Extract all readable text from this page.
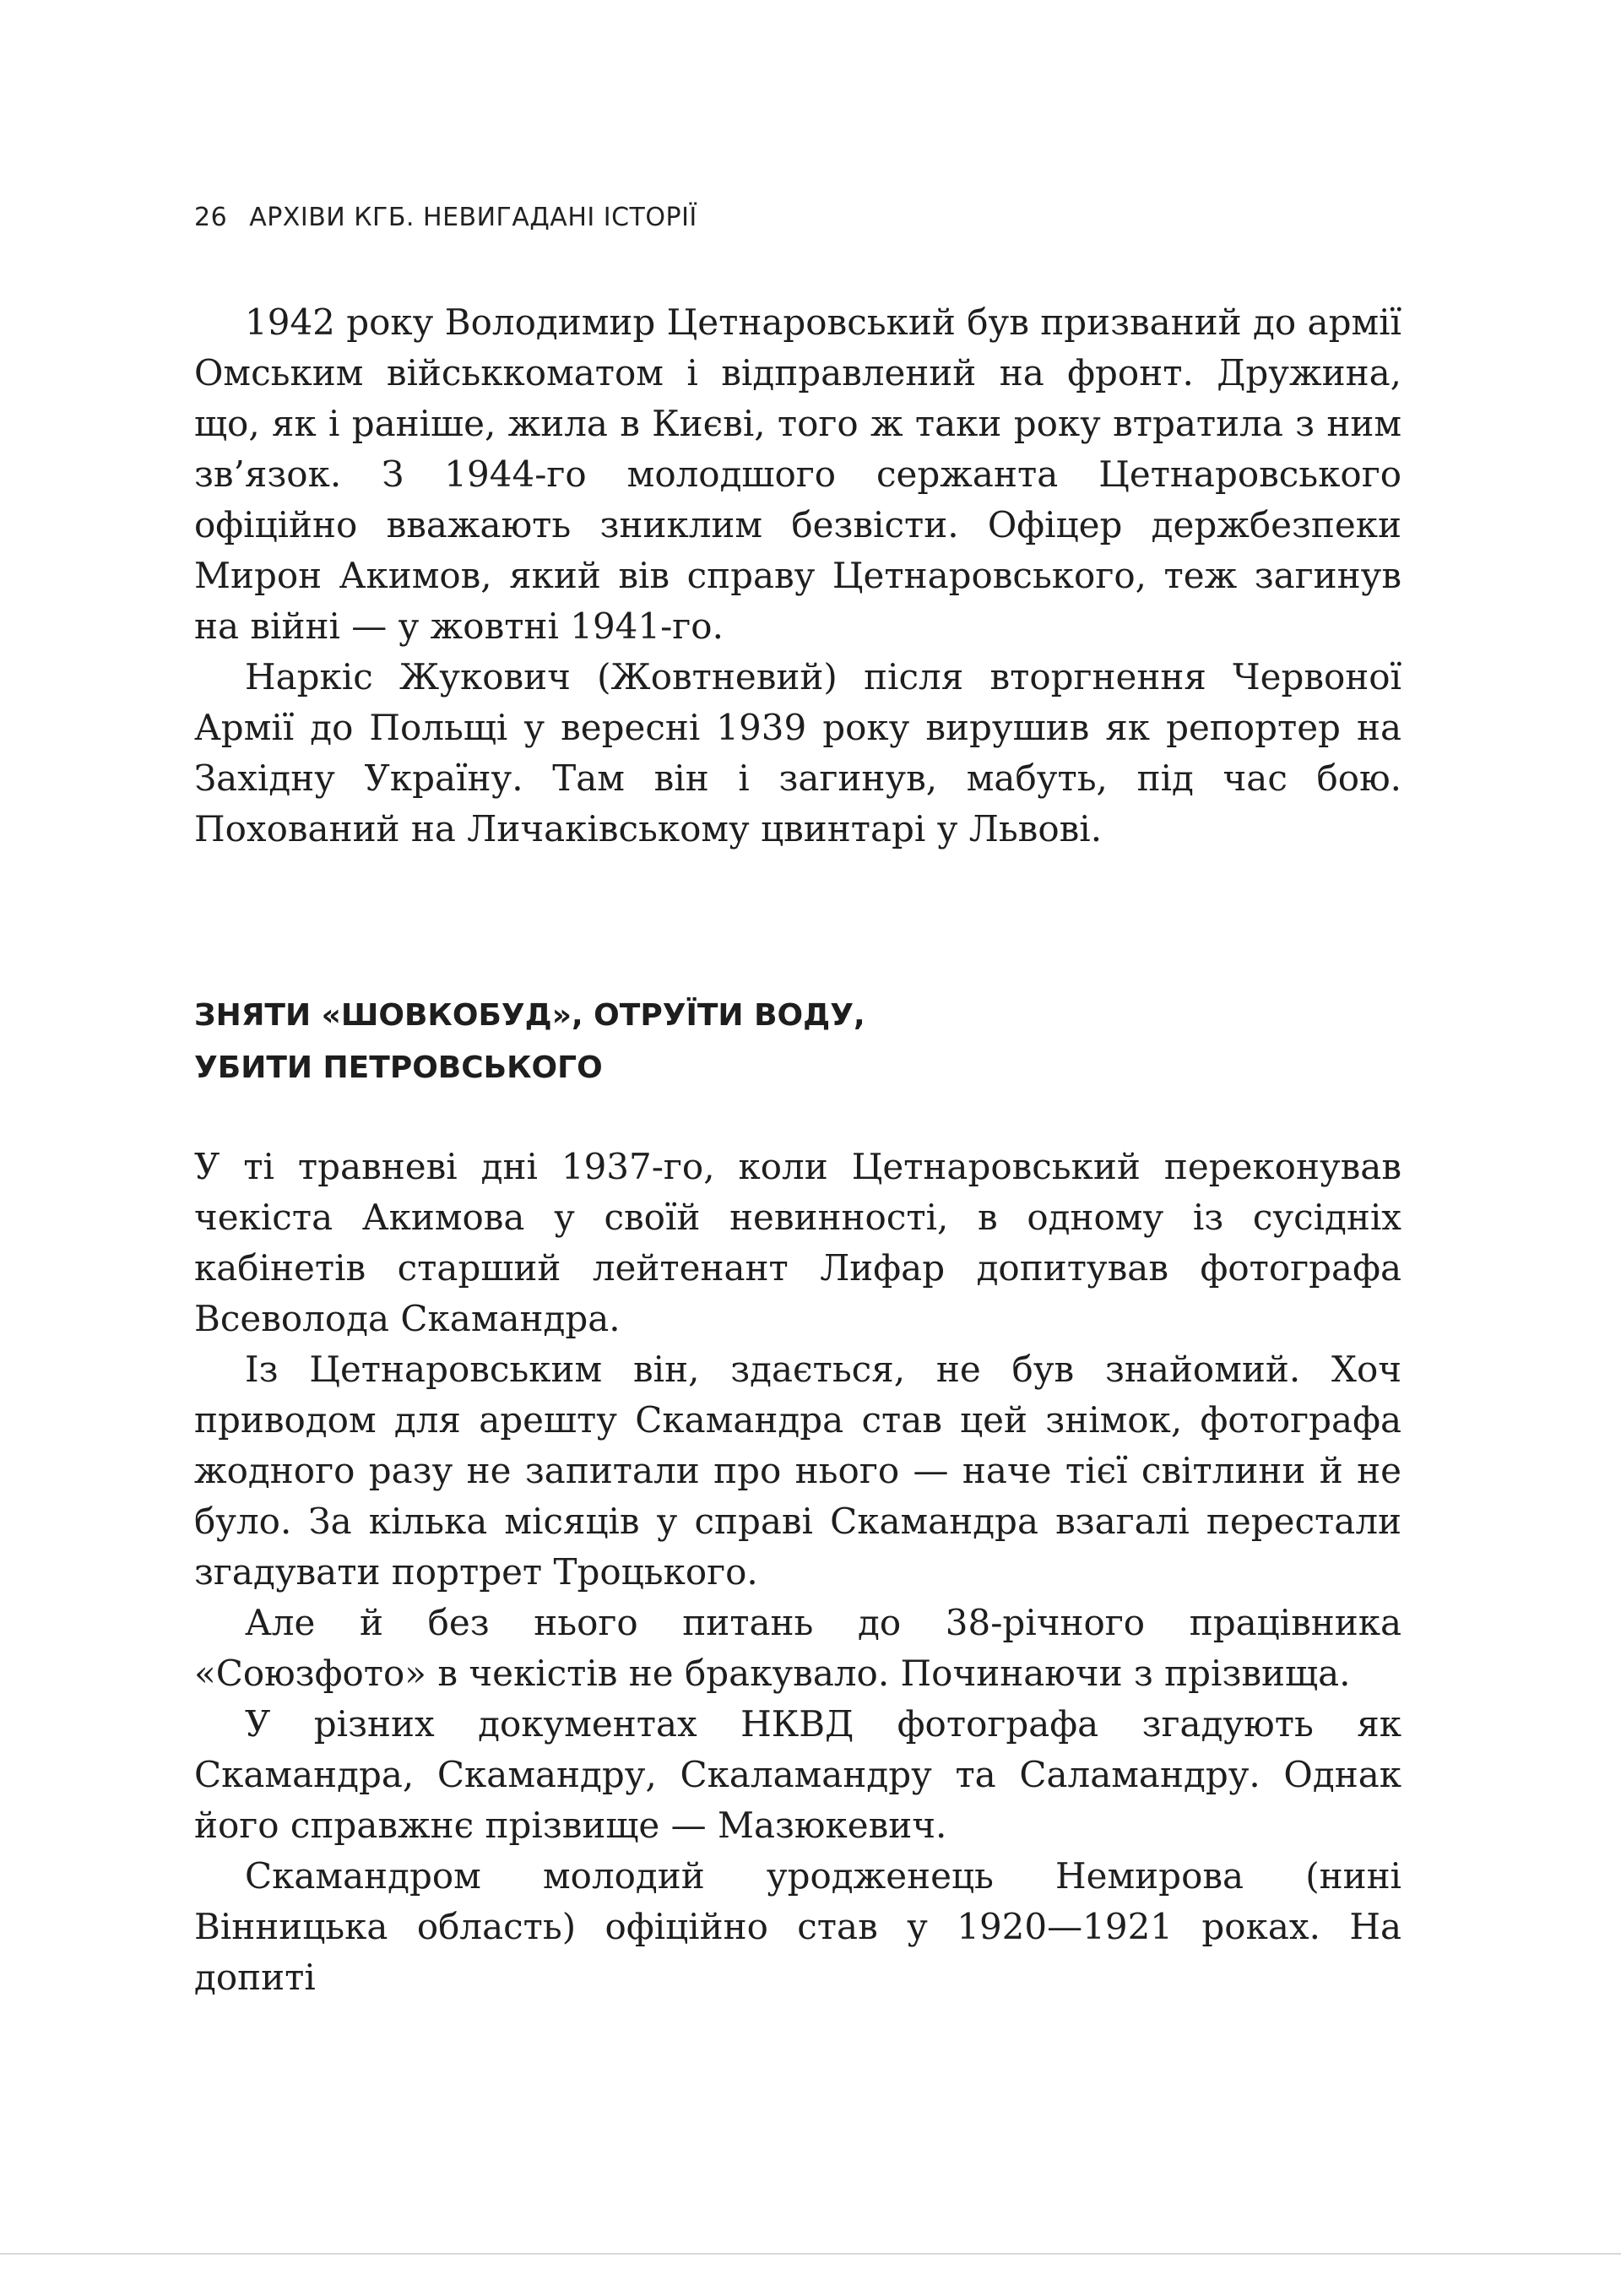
26 АРХІВИ КГБ. НЕВИГАДАНІ ІСТОРІЇ

1942 року Володимир Цетнаровський був призваний до армії Омським військкоматом і відправлений на фронт. Дружина, що, як і раніше, жила в Києві, того ж таки року втратила з ним зв’язок. З 1944-го молодшого сержанта Цетнаровського офіційно вважають зниклим безвісти. Офіцер держбезпеки Мирон Акимов, який вів справу Цетнаровського, теж загинув на війні — у жовтні 1941-го.

Наркіс Жукович (Жовтневий) після вторгнення Червоної Армії до Польщі у вересні 1939 року вирушив як репортер на Західну Україну. Там він і загинув, мабуть, під час бою. Похований на Личаківському цвинтарі у Львові.

ЗНЯТИ «ШОВКОБУД», ОТРУЇТИ ВОДУ,
УБИТИ ПЕТРОВСЬКОГО

У ті травневі дні 1937-го, коли Цетнаровський переконував чекіста Акимова у своїй невинності, в одному із сусідніх кабінетів старший лейтенант Лифар допитував фотографа Всеволода Скамандра.

Із Цетнаровським він, здається, не був знайомий. Хоч приводом для арешту Скамандра став цей знімок, фотографа жодного разу не запитали про нього — наче тієї світлини й не було. За кілька місяців у справі Скамандра взагалі перестали згадувати портрет Троцького.

Але й без нього питань до 38-річного працівника «Союзфото» в чекістів не бракувало. Починаючи з прізвища.

У різних документах НКВД фотографа згадують як Скамандра, Скамандру, Скаламандру та Саламандру. Однак його справжнє прізвище — Мазюкевич.

Скамандром молодий уродженець Немирова (нині Вінницька область) офіційно став у 1920—1921 роках. На допиті
